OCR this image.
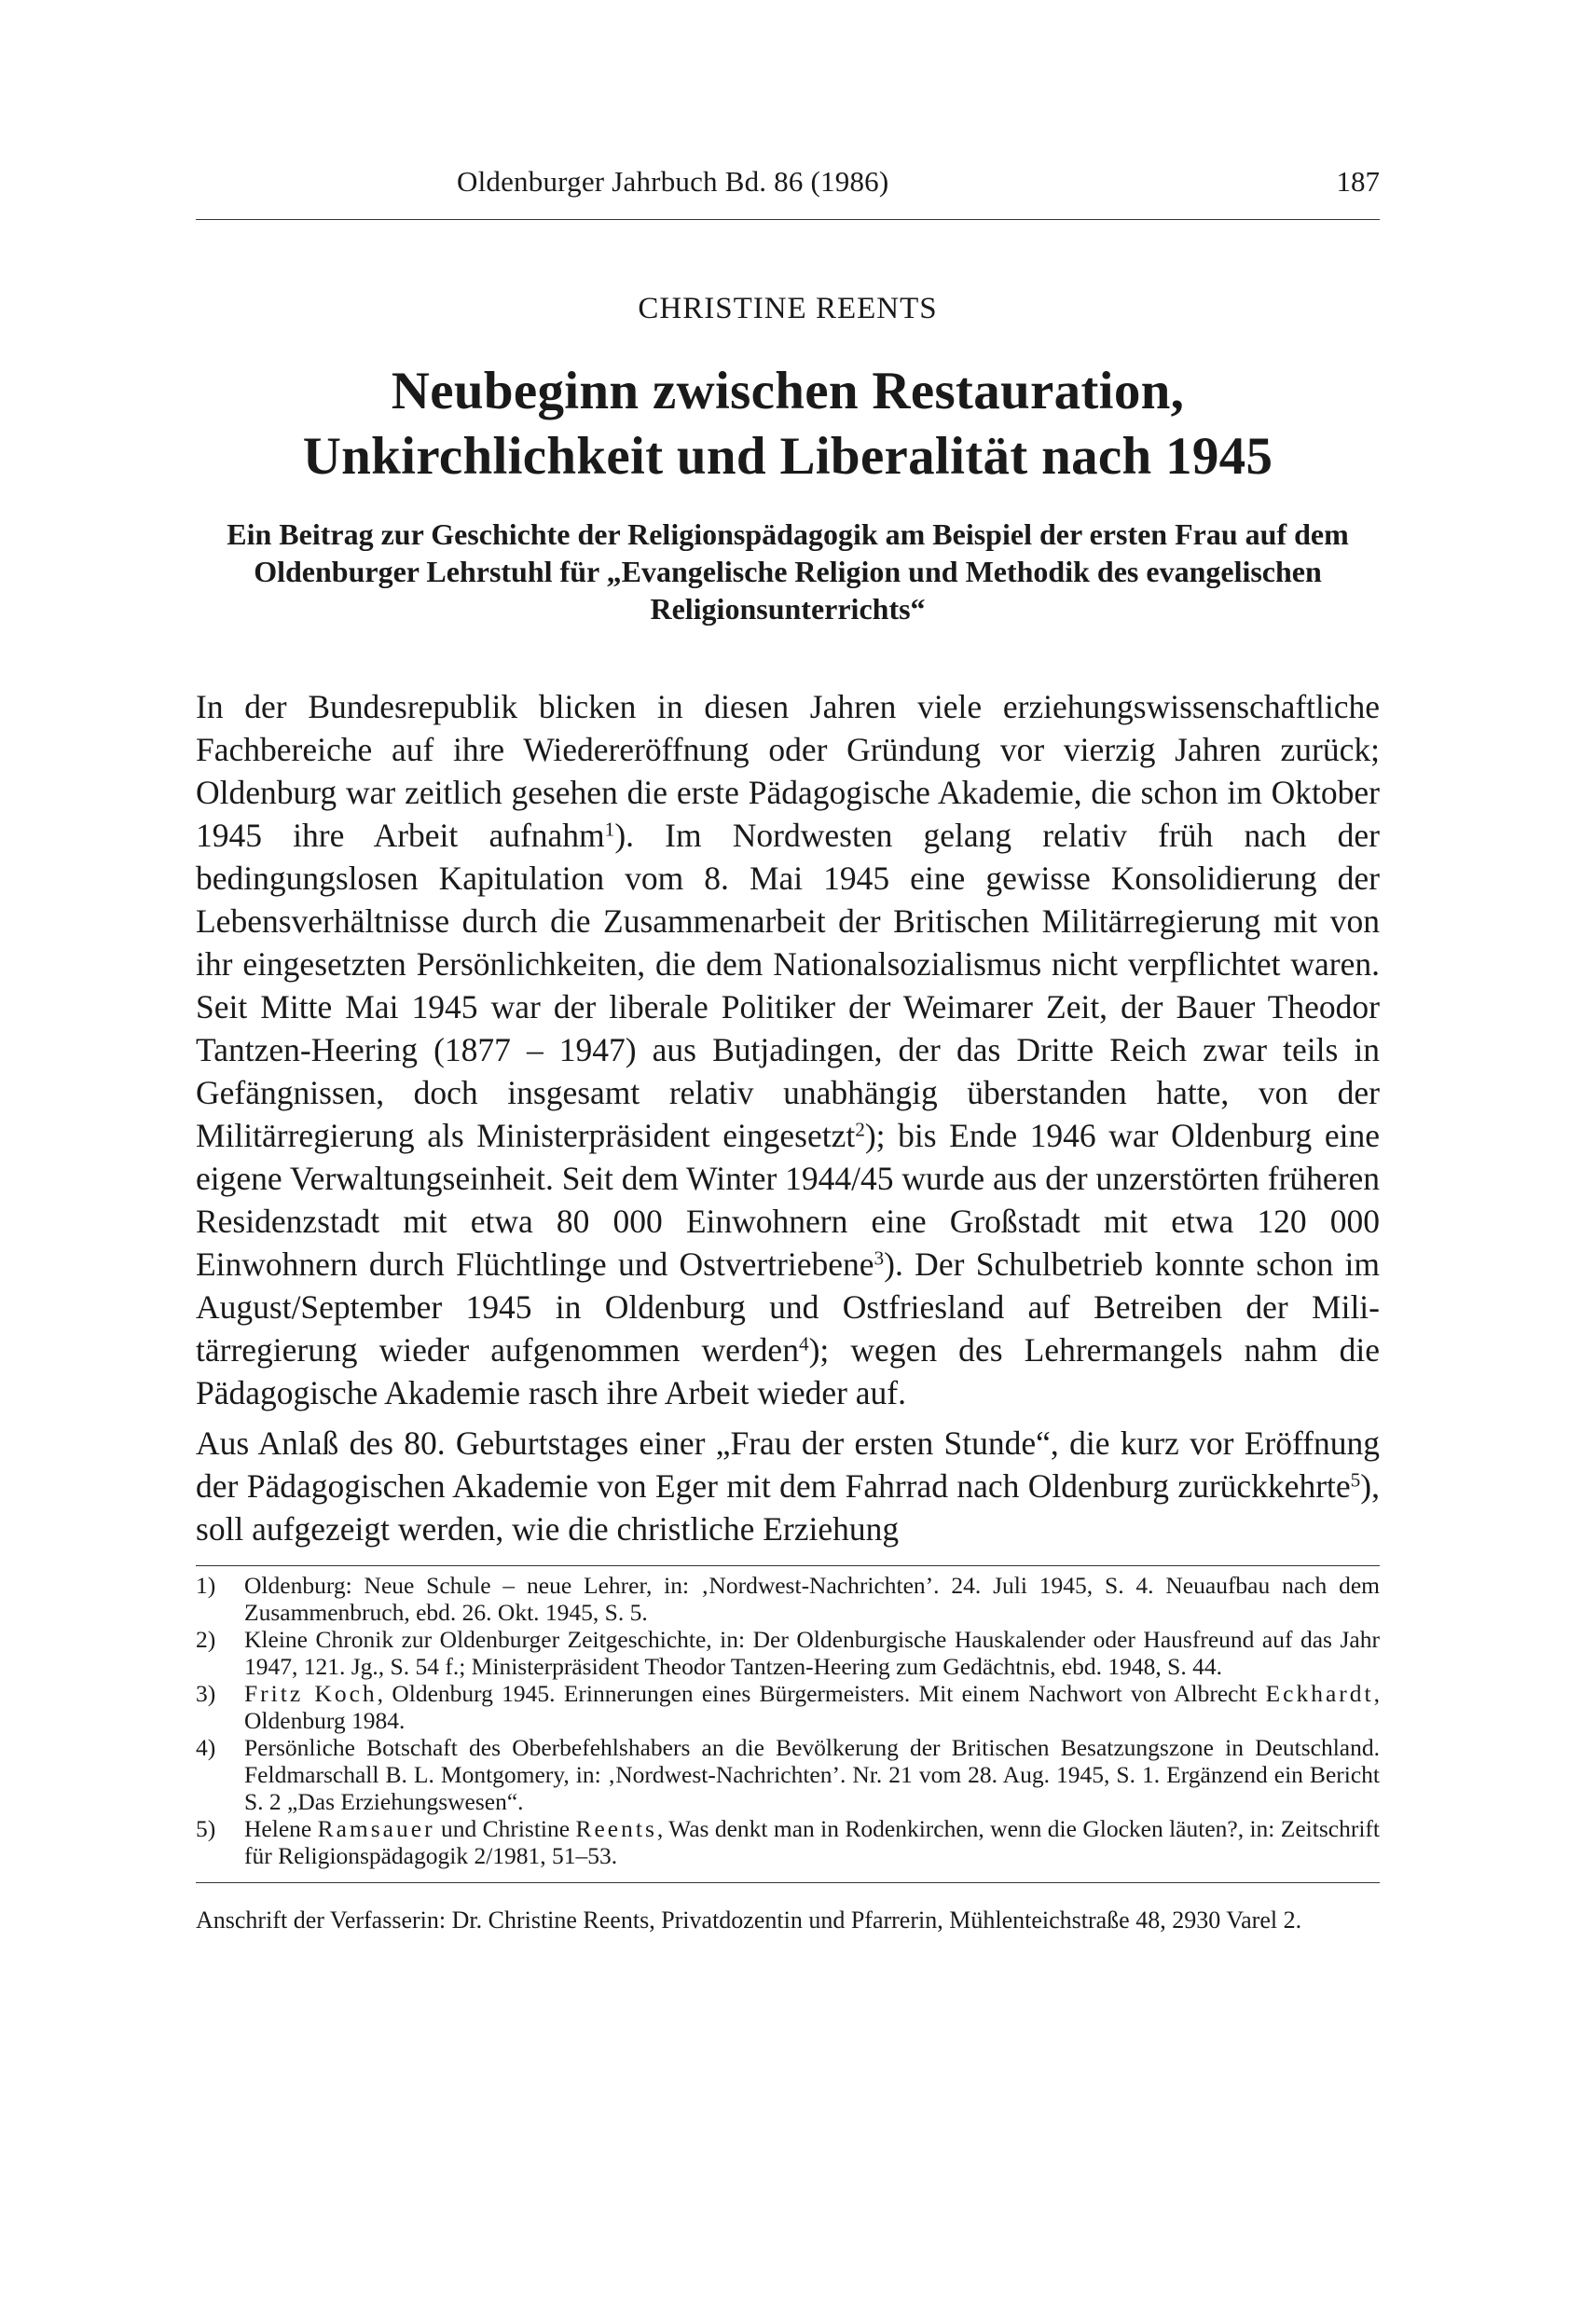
Oldenburger Jahrbuch Bd. 86 (1986)	187
CHRISTINE REENTS
Neubeginn zwischen Restauration,
Unkirchlichkeit und Liberalität nach 1945
Ein Beitrag zur Geschichte der Religionspädagogik am Beispiel der ersten Frau auf dem Oldenburger Lehrstuhl für „Evangelische Religion und Methodik des evangelischen Religionsunterrichts“

In der Bundesrepublik blicken in diesen Jahren viele erziehungswissenschaftliche Fachbereiche auf ihre Wiedereröffnung oder Gründung vor vierzig Jahren zurück; Oldenburg war zeitlich gesehen die erste Pädagogische Akademie, die schon im Oktober 1945 ihre Arbeit aufnahm$^1$). Im Nordwesten gelang relativ früh nach der bedingungslosen Kapitulation vom 8. Mai 1945 eine gewisse Konsolidierung der Lebensverhältnisse durch die Zusammenarbeit der Britischen Militärregierung mit von ihr eingesetzten Persönlichkeiten, die dem Nationalsozialismus nicht verpflichtet waren. Seit Mitte Mai 1945 war der liberale Politiker der Weimarer Zeit, der Bauer Theodor Tantzen-Heering (1877 – 1947) aus Butjadingen, der das Dritte Reich zwar teils in Gefängnissen, doch insgesamt relativ unabhängig überstanden hatte, von der Militärregierung als Ministerpräsident eingesetzt$^2$); bis Ende 1946 war Oldenburg eine eigene Verwaltungseinheit. Seit dem Winter 1944/45 wurde aus der unzerstörten früheren Residenzstadt mit etwa 80 000 Einwohnern eine Großstadt mit etwa 120 000 Einwohnern durch Flüchtlinge und Ostvertriebene$^3$). Der Schulbetrieb konnte schon im August/September 1945 in Oldenburg und Ostfriesland auf Betreiben der Militärregierung wieder aufgenommen werden$^4$); wegen des Lehrermangels nahm die Pädagogische Akademie rasch ihre Arbeit wieder auf.

Aus Anlaß des 80. Geburtstages einer „Frau der ersten Stunde“, die kurz vor Eröffnung der Pädagogischen Akademie von Eger mit dem Fahrrad nach Oldenburg zurückkehrte$^5$), soll aufgezeigt werden, wie die christliche Erziehung

1) Oldenburg: Neue Schule – neue Lehrer, in: ‚Nordwest-Nachrichten’. 24. Juli 1945, S. 4. Neuaufbau nach dem Zusammenbruch, ebd. 26. Okt. 1945, S. 5.
2) Kleine Chronik zur Oldenburger Zeitgeschichte, in: Der Oldenburgische Hauskalender oder Hausfreund auf das Jahr 1947, 121. Jg., S. 54 f.; Ministerpräsident Theodor Tantzen-Heering zum Gedächtnis, ebd. 1948, S. 44.
3) Fritz Koch, Oldenburg 1945. Erinnerungen eines Bürgermeisters. Mit einem Nachwort von Albrecht Eckhardt, Oldenburg 1984.
4) Persönliche Botschaft des Oberbefehlshabers an die Bevölkerung der Britischen Besatzungszone in Deutschland. Feldmarschall B. L. Montgomery, in: ‚Nordwest-Nachrichten’. Nr. 21 vom 28. Aug. 1945, S. 1. Ergänzend ein Bericht S. 2 „Das Erziehungswesen“.
5) Helene Ramsauer und Christine Reents, Was denkt man in Rodenkirchen, wenn die Glocken läuten?, in: Zeitschrift für Religionspädagogik 2/1981, 51–53.
Anschrift der Verfasserin: Dr. Christine Reents, Privatdozentin und Pfarrerin, Mühlenteichstraße 48, 2930 Varel 2.
